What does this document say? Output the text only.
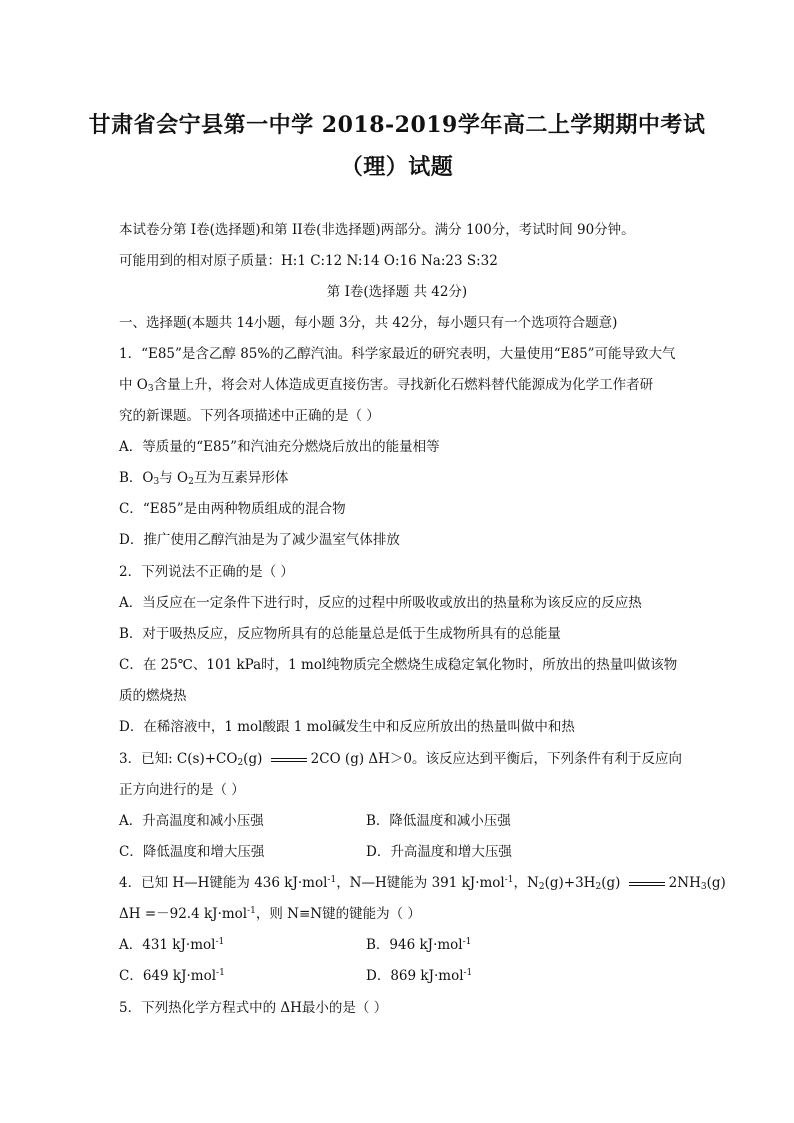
甘肃省会宁县第一中学 2018-2019学年高二上学期期中考试
（理）试题
本试卷分第 I卷(选择题)和第 II卷(非选择题)两部分。满分 100分，考试时间 90分钟。
可能用到的相对原子质量：H:1 C:12 N:14 O:16 Na:23 S:32
第 I卷(选择题 共 42分)
一、选择题(本题共 14小题，每小题 3分，共 42分，每小题只有一个选项符合题意)
1．“E85”是含乙醇 85%的乙醇汽油。科学家最近的研究表明，大量使用“E85”可能导致大气
中 $O_3$含量上升，将会对人体造成更直接伤害。寻找新化石燃料替代能源成为化学工作者研
究的新课题。下列各项描述中正确的是（ ）
A．等质量的“E85”和汽油充分燃烧后放出的能量相等
B．$O_3$与 $O_2$互为互素异形体
C．“E85”是由两种物质组成的混合物
D．推广使用乙醇汽油是为了减少温室气体排放
2．下列说法不正确的是（ ）
A．当反应在一定条件下进行时，反应的过程中所吸收或放出的热量称为该反应的反应热
B．对于吸热反应，反应物所具有的总能量总是低于生成物所具有的总能量
C．在 25℃、101 kPa时，1 mol纯物质完全燃烧生成稳定氧化物时，所放出的热量叫做该物
质的燃烧热
D．在稀溶液中，1 mol酸跟 1 mol碱发生中和反应所放出的热量叫做中和热
3．已知: $C(s)+CO_2(g)$	2CO (g) ΔH＞0。该反应达到平衡后，下列条件有利于反应向
正方向进行的是（ ）
A．升高温度和减小压强	B．降低温度和减小压强
C．降低温度和增大压强	D．升高温度和增大压强
4．已知 H—H键能为 436 kJ·mol$^{-1}$，N—H键能为 391 kJ·mol$^{-1}$，$N_2(g)+3H_2(g)$	$2NH_3(g)$
ΔH =－92.4 kJ·mol$^{-1}$，则 N≡N键的键能为（ ）
A．431 kJ·mol$^{-1}$	B．946 kJ·mol$^{-1}$
C．649 kJ·mol$^{-1}$	D．869 kJ·mol$^{-1}$
5．下列热化学方程式中的 ΔH最小的是（ ）
